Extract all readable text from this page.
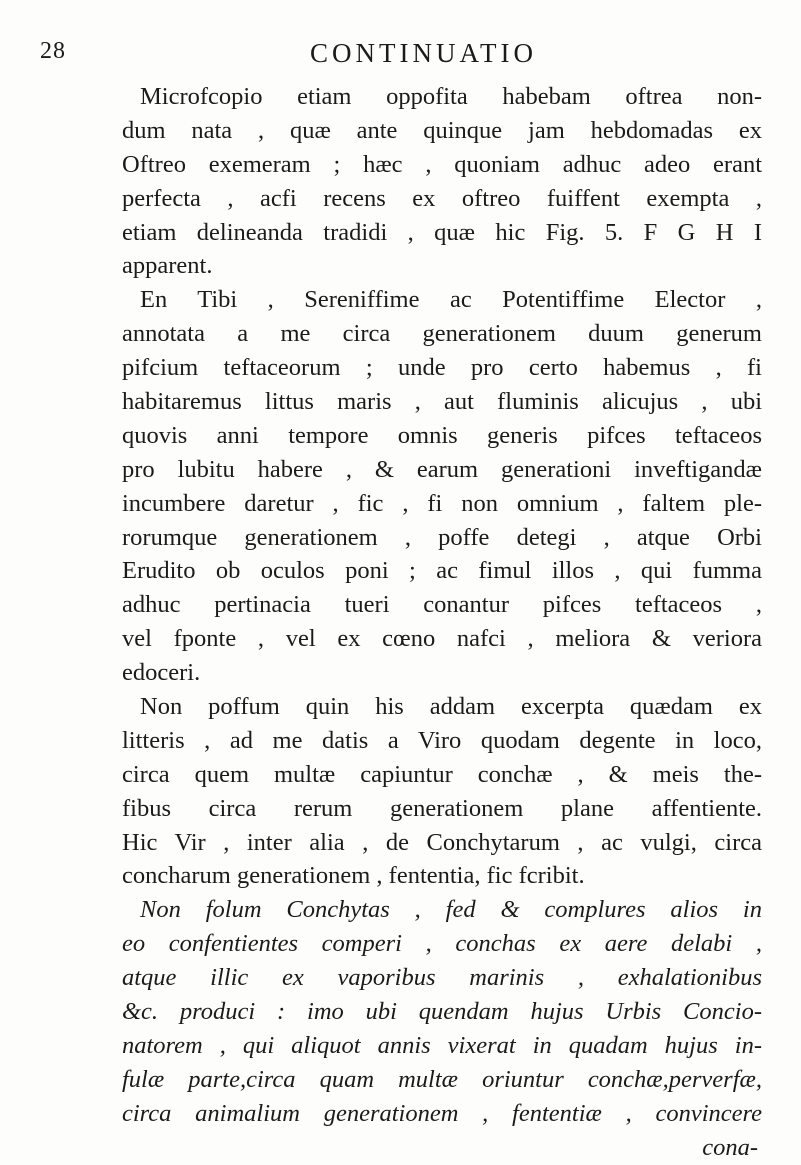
28	CONTINUATIO
Microfcopio etiam oppofita habebam oftrea non-
dum nata , quæ ante quinque jam hebdomadas ex
Oftreo exemeram ; hæc , quoniam adhuc adeo erant
perfecta , acfi recens ex oftreo fuiffent exempta ,
etiam delineanda tradidi , quæ hic Fig. 5. F G H I
apparent.
En Tibi , Sereniffime ac Potentiffime Elector ,
annotata a me circa generationem duum generum
pifcium teftaceorum ; unde pro certo habemus , fi
habitaremus littus maris , aut fluminis alicujus , ubi
quovis anni tempore omnis generis pifces teftaceos
pro lubitu habere , & earum generationi inveftigandæ
incumbere daretur , fic , fi non omnium , faltem ple-
rorumque generationem , poffe detegi , atque Orbi
Erudito ob oculos poni ; ac fimul illos , qui fumma
adhuc pertinacia tueri conantur pifces teftaceos ,
vel fponte , vel ex cœno nafci , meliora & veriora
edoceri.
Non poffum quin his addam excerpta quædam ex
litteris , ad me datis a Viro quodam degente in loco,
circa quem multæ capiuntur conchæ , & meis the-
fibus circa rerum generationem plane affentiente.
Hic Vir , inter alia , de Conchytarum , ac vulgi, circa
concharum generationem , fententia, fic fcribit.
Non folum Conchytas , fed & complures alios in
eo confentientes comperi , conchas ex aere delabi ,
atque illic ex vaporibus marinis , exhalationibus
&c. produci : imo ubi quendam hujus Urbis Concio-
natorem , qui aliquot annis vixerat in quadam hujus in-
fulæ parte,circa quam multæ oriuntur conchæ,perverfæ,
circa animalium generationem , fententiæ , convincere
cona-
